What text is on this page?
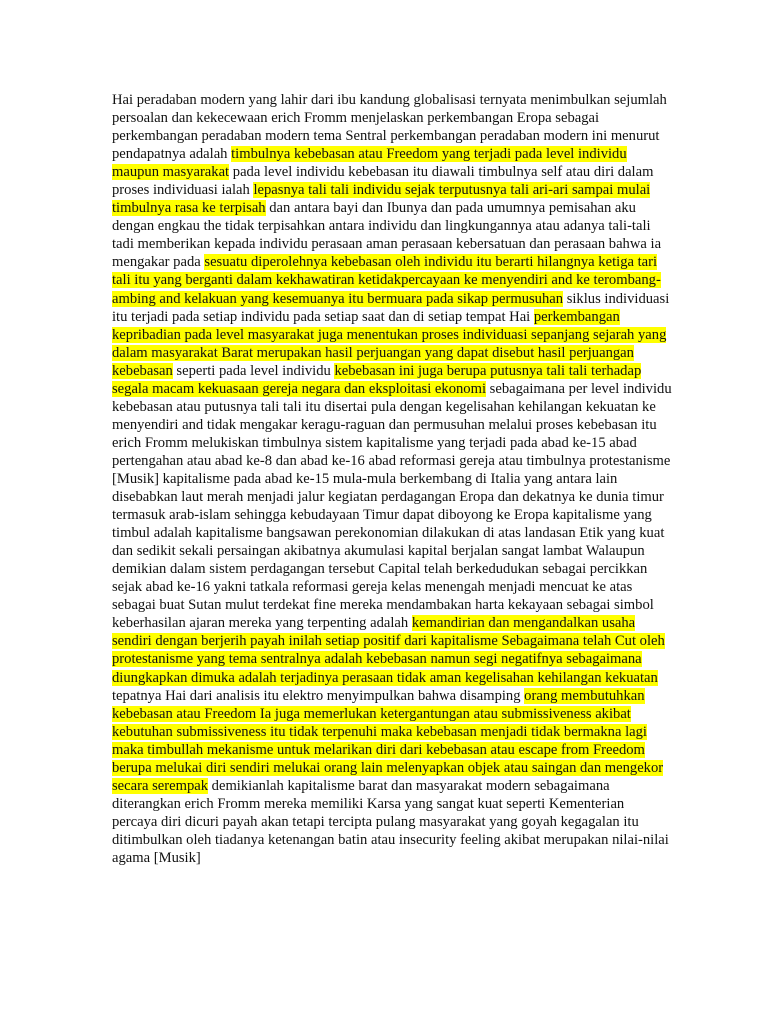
Hai peradaban modern yang lahir dari ibu kandung globalisasi ternyata menimbulkan sejumlah persoalan dan kekecewaan erich Fromm menjelaskan perkembangan Eropa sebagai perkembangan peradaban modern tema Sentral perkembangan peradaban modern ini menurut pendapatnya adalah timbulnya kebebasan atau Freedom yang terjadi pada level individu maupun masyarakat pada level individu kebebasan itu diawali timbulnya self atau diri dalam proses individuasi ialah lepasnya tali tali individu sejak terputusnya tali ari-ari sampai mulai timbulnya rasa ke terpisah dan antara bayi dan Ibunya dan pada umumnya pemisahan aku dengan engkau the tidak terpisahkan antara individu dan lingkungannya atau adanya tali-tali tadi memberikan kepada individu perasaan aman perasaan kebersatuan dan perasaan bahwa ia mengakar pada sesuatu diperolehnya kebebasan oleh individu itu berarti hilangnya ketiga tari tali itu yang berganti dalam kekhawatiran ketidakpercayaan ke menyendiri and ke terombang-ambing and kelakuan yang kesemuanya itu bermuara pada sikap permusuhan siklus individuasi itu terjadi pada setiap individu pada setiap saat dan di setiap tempat Hai perkembangan kepribadian pada level masyarakat juga menentukan proses individuasi sepanjang sejarah yang dalam masyarakat Barat merupakan hasil perjuangan yang dapat disebut hasil perjuangan kebebasan seperti pada level individu kebebasan ini juga berupa putusnya tali tali terhadap segala macam kekuasaan gereja negara dan eksploitasi ekonomi sebagaimana per level individu kebebasan atau putusnya tali tali itu disertai pula dengan kegelisahan kehilangan kekuatan ke menyendiri and tidak mengakar keragu-raguan dan permusuhan melalui proses kebebasan itu erich Fromm melukiskan timbulnya sistem kapitalisme yang terjadi pada abad ke-15 abad pertengahan atau abad ke-8 dan abad ke-16 abad reformasi gereja atau timbulnya protestanisme [Musik] kapitalisme pada abad ke-15 mula-mula berkembang di Italia yang antara lain disebabkan laut merah menjadi jalur kegiatan perdagangan Eropa dan dekatnya ke dunia timur termasuk arab-islam sehingga kebudayaan Timur dapat diboyong ke Eropa kapitalisme yang timbul adalah kapitalisme bangsawan perekonomian dilakukan di atas landasan Etik yang kuat dan sedikit sekali persaingan akibatnya akumulasi kapital berjalan sangat lambat Walaupun demikian dalam sistem perdagangan tersebut Capital telah berkedudukan sebagai percikkan sejak abad ke-16 yakni tatkala reformasi gereja kelas menengah menjadi mencuat ke atas sebagai buat Sutan mulut terdekat fine mereka mendambakan harta kekayaan sebagai simbol keberhasilan ajaran mereka yang terpenting adalah kemandirian dan mengandalkan usaha sendiri dengan berjerih payah inilah setiap positif dari kapitalisme Sebagaimana telah Cut oleh protestanisme yang tema sentralnya adalah kebebasan namun segi negatifnya sebagaimana diungkapkan dimuka adalah terjadinya perasaan tidak aman kegelisahan kehilangan kekuatan tepatnya Hai dari analisis itu elektro menyimpulkan bahwa disamping orang membutuhkan kebebasan atau Freedom Ia juga memerlukan ketergantungan atau submissiveness akibat kebutuhan submissiveness itu tidak terpenuhi maka kebebasan menjadi tidak bermakna lagi maka timbullah mekanisme untuk melarikan diri dari kebebasan atau escape from Freedom berupa melukai diri sendiri melukai orang lain melenyapkan objek atau saingan dan mengekor secara serempak demikianlah kapitalisme barat dan masyarakat modern sebagaimana diterangkan erich Fromm mereka memiliki Karsa yang sangat kuat seperti Kementerian percaya diri dicuri payah akan tetapi tercipta pulang masyarakat yang goyah kegagalan itu ditimbulkan oleh tiadanya ketenangan batin atau insecurity feeling akibat merupakan nilai-nilai agama [Musik]
